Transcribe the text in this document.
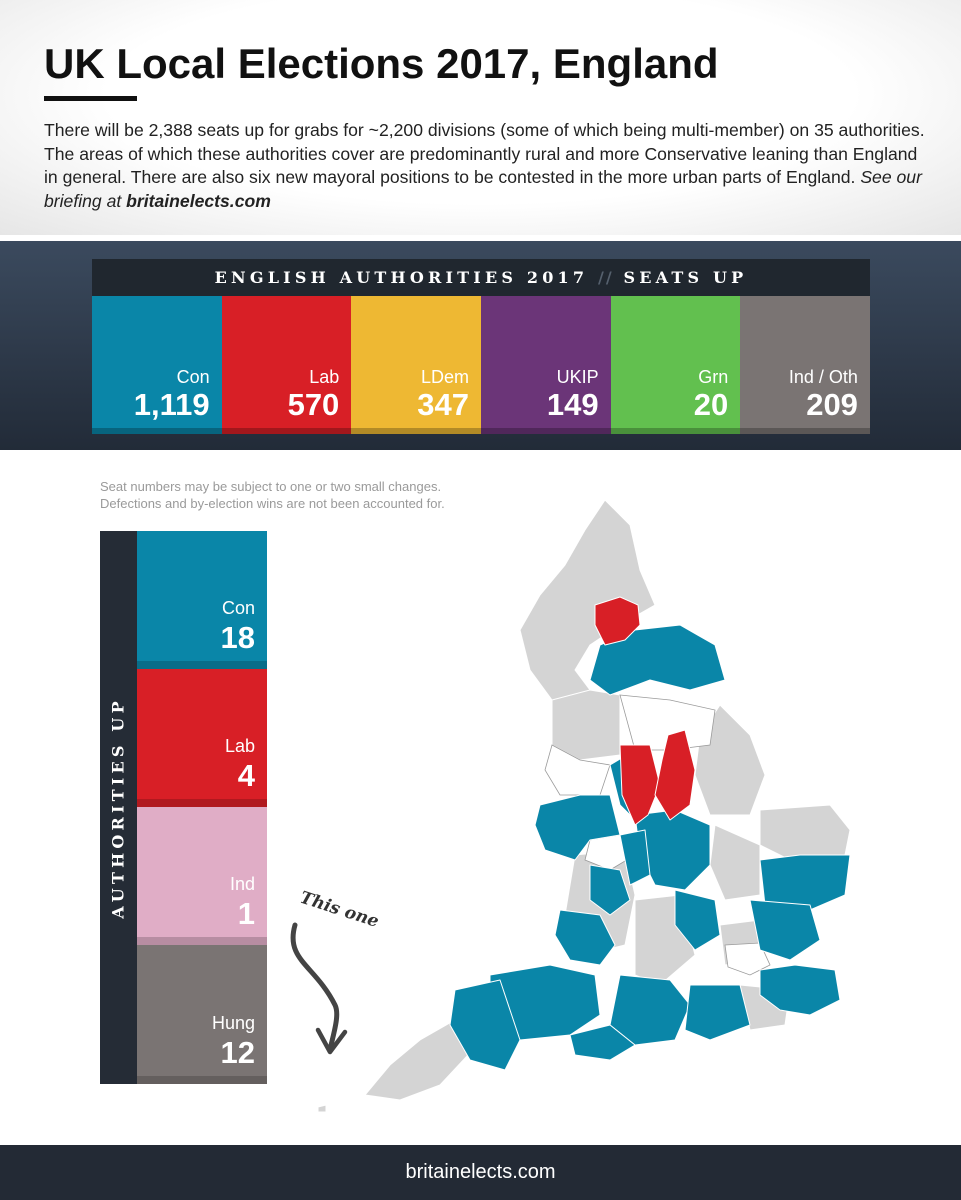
UK Local Elections 2017, England

There will be 2,388 seats up for grabs for ~2,200 divisions (some of which being multi-member) on 35 authorities. The areas of which these authorities cover are predominantly rural and more Conservative leaning than England in general. There are also six new mayoral positions to be contested in the more urban parts of England. See our briefing at britainelects.com

ENGLISH AUTHORITIES 2017 // SEATS UP
Con
1,119
Lab
570
LDem
347
UKIP
149
Grn
20
Ind / Oth
209
Seat numbers may be subject to one or two small changes.
Defections and by-election wins are not been accounted for.
AUTHORITIES UP
Con
18
Lab
4
Ind
1
Hung
12
This one
britainelects.com
